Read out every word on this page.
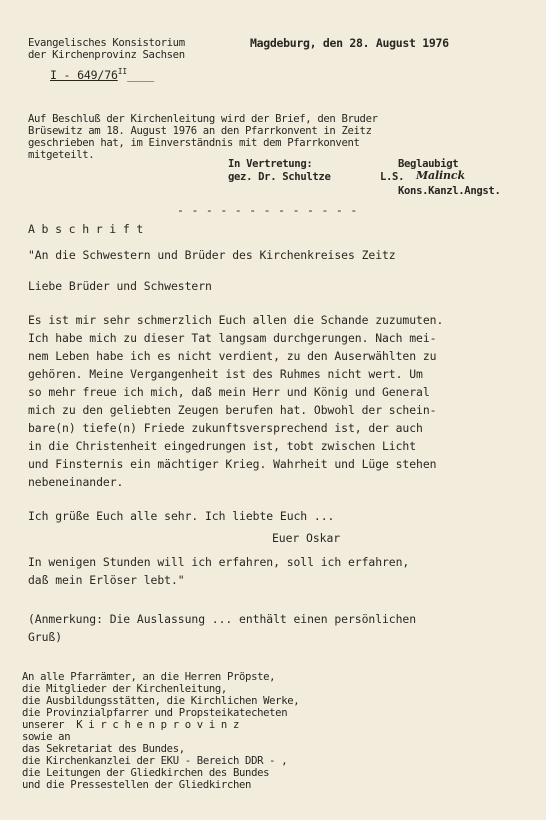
Evangelisches Konsistorium
der Kirchenprovinz Sachsen
Magdeburg, den 28. August 1976
I - $649/76^{II}\_\_\_\_$
Auf Beschluß der Kirchenleitung wird der Brief, den Bruder
Brüsewitz am 18. August 1976 an den Pfarrkonvent in Zeitz
geschrieben hat, im Einverständnis mit dem Pfarrkonvent
mitgeteilt.
In Vertretung:
gez. Dr. Schultze
Beglaubigt
L.S. Malinck
Kons.Kanzl.Angst.
- - - - - - - - - - - - -
A b s c h r i f t
"An die Schwestern und Brüder des Kirchenkreises Zeitz
Liebe Brüder und Schwestern
Es ist mir sehr schmerzlich Euch allen die Schande zuzumuten.
Ich habe mich zu dieser Tat langsam durchgerungen. Nach mei-
nem Leben habe ich es nicht verdient, zu den Auserwählten zu
gehören. Meine Vergangenheit ist des Ruhmes nicht wert. Um
so mehr freue ich mich, daß mein Herr und König und General
mich zu den geliebten Zeugen berufen hat. Obwohl der schein-
bare(n) tiefe(n) Friede zukunftsversprechend ist, der auch
in die Christenheit eingedrungen ist, tobt zwischen Licht
und Finsternis ein mächtiger Krieg. Wahrheit und Lüge stehen
nebeneinander.
Ich grüße Euch alle sehr. Ich liebte Euch ...
Euer Oskar
In wenigen Stunden will ich erfahren, soll ich erfahren,
daß mein Erlöser lebt."
(Anmerkung: Die Auslassung ... enthält einen persönlichen
Gruß)
An alle Pfarrämter, an die Herren Pröpste,
die Mitglieder der Kirchenleitung,
die Ausbildungsstätten, die Kirchlichen Werke,
die Provinzialpfarrer und Propsteikatecheten
unserer  K i r c h e n p r o v i n z
sowie an
das Sekretariat des Bundes,
die Kirchenkanzlei der EKU - Bereich DDR - ,
die Leitungen der Gliedkirchen des Bundes
und die Pressestellen der Gliedkirchen
